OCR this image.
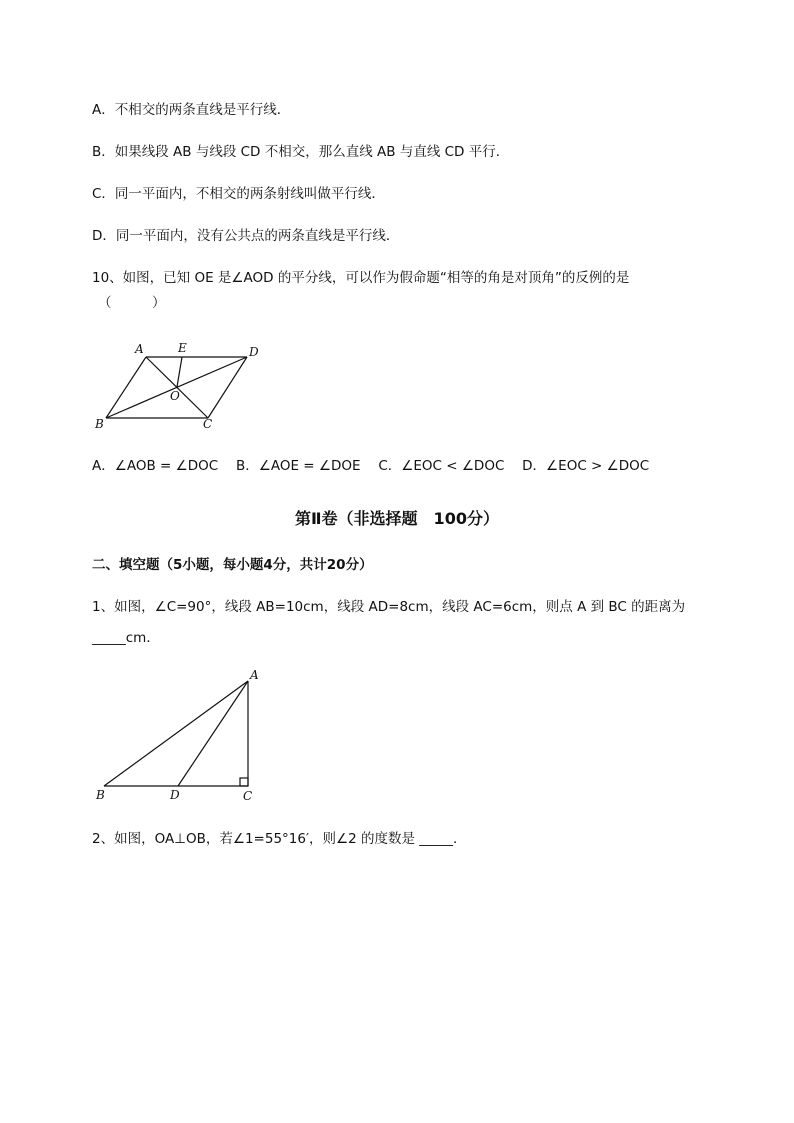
A．不相交的两条直线是平行线．
B．如果线段 AB 与线段 CD 不相交，那么直线 AB 与直线 CD 平行．
C．同一平面内，不相交的两条射线叫做平行线．
D．同一平面内，没有公共点的两条直线是平行线．
10、如图，已知 OE 是∠AOD 的平分线，可以作为假命题“相等的角是对顶角”的反例的是
（　　　）
A	E	D
O
B	C
A．∠AOB = ∠DOC　 B．∠AOE = ∠DOE　 C．∠EOC < ∠DOC　 D．∠EOC > ∠DOC
第Ⅱ卷（非选择题　100分）
二、填空题（5小题，每小题4分，共计20分）
1、如图，∠C=90°，线段 AB=10cm，线段 AD=8cm，线段 AC=6cm，则点 A 到 BC 的距离为
_____cm．
A
B	D	C
2、如图，OA⊥OB，若∠1=55°16′，则∠2 的度数是 _____．
